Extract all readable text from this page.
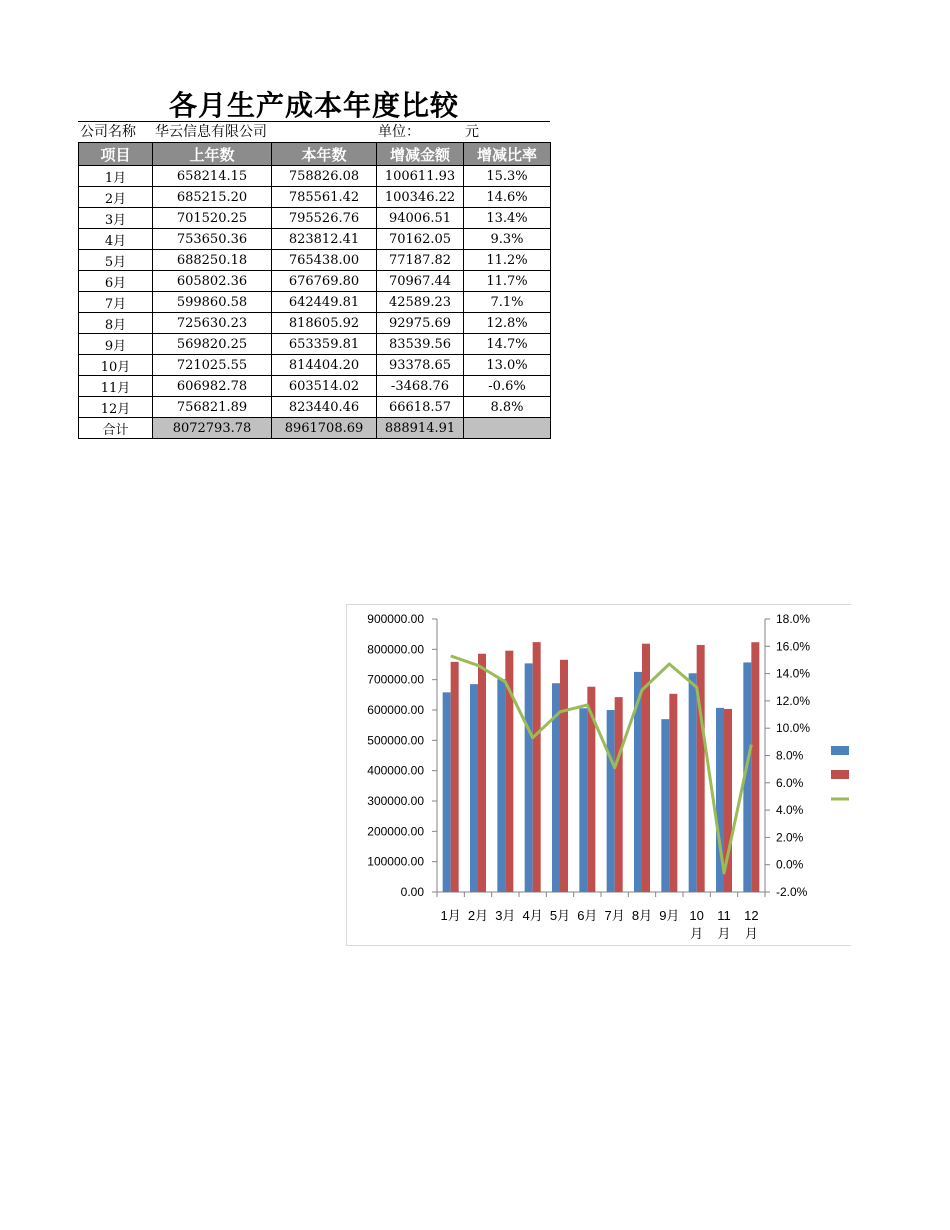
各月生产成本年度比较
公司名称 华云信息有限公司	单位：	元
项目	上年数	本年数	增减金额	增减比率
1月	658214.15	758826.08	100611.93	15.3%
2月	685215.20	785561.42	100346.22	14.6%
3月	701520.25	795526.76	94006.51	13.4%
4月	753650.36	823812.41	70162.05	9.3%
5月	688250.18	765438.00	77187.82	11.2%
6月	605802.36	676769.80	70967.44	11.7%
7月	599860.58	642449.81	42589.23	7.1%
8月	725630.23	818605.92	92975.69	12.8%
9月	569820.25	653359.81	83539.56	14.7%
10月	721025.55	814404.20	93378.65	13.0%
11月	606982.78	603514.02	-3468.76	-0.6%
12月	756821.89	823440.46	66618.57	8.8%
合计	8072793.78	8961708.69	888914.91	
0.00
100000.00
200000.00
300000.00
400000.00
500000.00
600000.00
700000.00
800000.00
900000.00
-2.0%
0.0%
2.0%
4.0%
6.0%
8.0%
10.0%
12.0%
14.0%
16.0%
18.0%
1月 2月 3月 4月 5月 6月 7月 8月 9月 10
月
11
月
12
月
